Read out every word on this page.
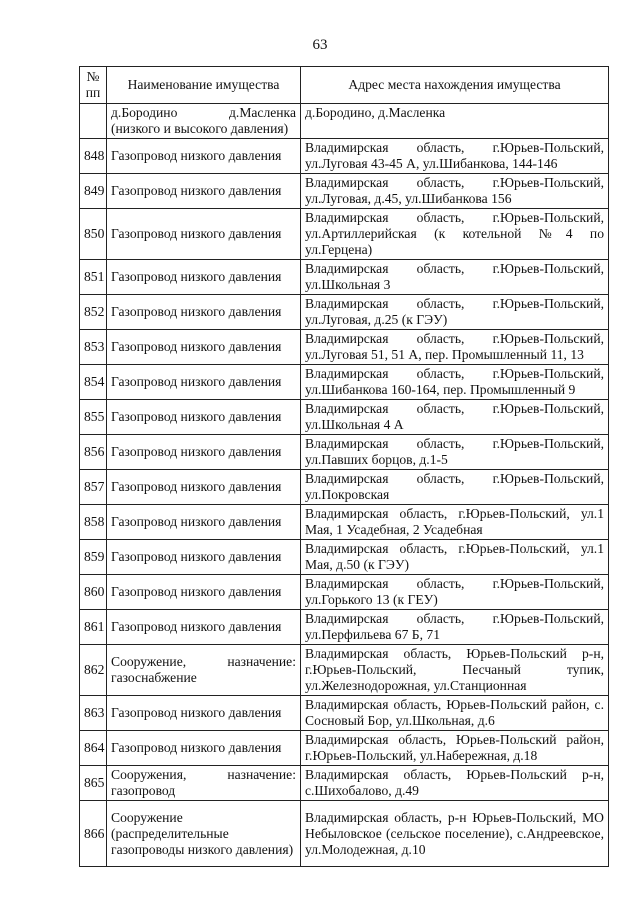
63
№ пп	Наименование имущества	Адрес места нахождения имущества
	д.Бородино д.Масленка (низкого и высокого давления)	д.Бородино, д.Масленка
848	Газопровод низкого давления	Владимирская область, г.Юрьев-Польский, ул.Луговая 43-45 А, ул.Шибанкова, 144-146
849	Газопровод низкого давления	Владимирская область, г.Юрьев-Польский, ул.Луговая, д.45, ул.Шибанкова 156
850	Газопровод низкого давления	Владимирская область, г.Юрьев-Польский, ул.Артиллерийская (к котельной №4 по ул.Герцена)
851	Газопровод низкого давления	Владимирская область, г.Юрьев-Польский, ул.Школьная 3
852	Газопровод низкого давления	Владимирская область, г.Юрьев-Польский, ул.Луговая, д.25 (к ГЭУ)
853	Газопровод низкого давления	Владимирская область, г.Юрьев-Польский, ул.Луговая 51, 51 А, пер. Промышленный 11, 13
854	Газопровод низкого давления	Владимирская область, г.Юрьев-Польский, ул.Шибанкова 160-164, пер. Промышленный 9
855	Газопровод низкого давления	Владимирская область, г.Юрьев-Польский, ул.Школьная 4 А
856	Газопровод низкого давления	Владимирская область, г.Юрьев-Польский, ул.Павших борцов, д.1-5
857	Газопровод низкого давления	Владимирская область, г.Юрьев-Польский, ул.Покровская
858	Газопровод низкого давления	Владимирская область, г.Юрьев-Польский, ул.1 Мая, 1 Усадебная, 2 Усадебная
859	Газопровод низкого давления	Владимирская область, г.Юрьев-Польский, ул.1 Мая, д.50 (к ГЭУ)
860	Газопровод низкого давления	Владимирская область, г.Юрьев-Польский, ул.Горького 13 (к ГЕУ)
861	Газопровод низкого давления	Владимирская область, г.Юрьев-Польский, ул.Перфильева 67 Б, 71
862	Сооружение, назначение: газоснабжение	Владимирская область, Юрьев-Польский р-н, г.Юрьев-Польский, Песчаный тупик, ул.Железнодорожная, ул.Станционная
863	Газопровод низкого давления	Владимирская область, Юрьев-Польский район, с. Сосновый Бор, ул.Школьная, д.6
864	Газопровод низкого давления	Владимирская область, Юрьев-Польский район, г.Юрьев-Польский, ул.Набережная, д.18
865	Сооружения, назначение: газопровод	Владимирская область, Юрьев-Польский р-н, с.Шихобалово, д.49
866	Сооружение (распределительные газопроводы низкого давления)	Владимирская область, р-н Юрьев-Польский, МО Небыловское (сельское поселение), с.Андреевское, ул.Молодежная, д.10
